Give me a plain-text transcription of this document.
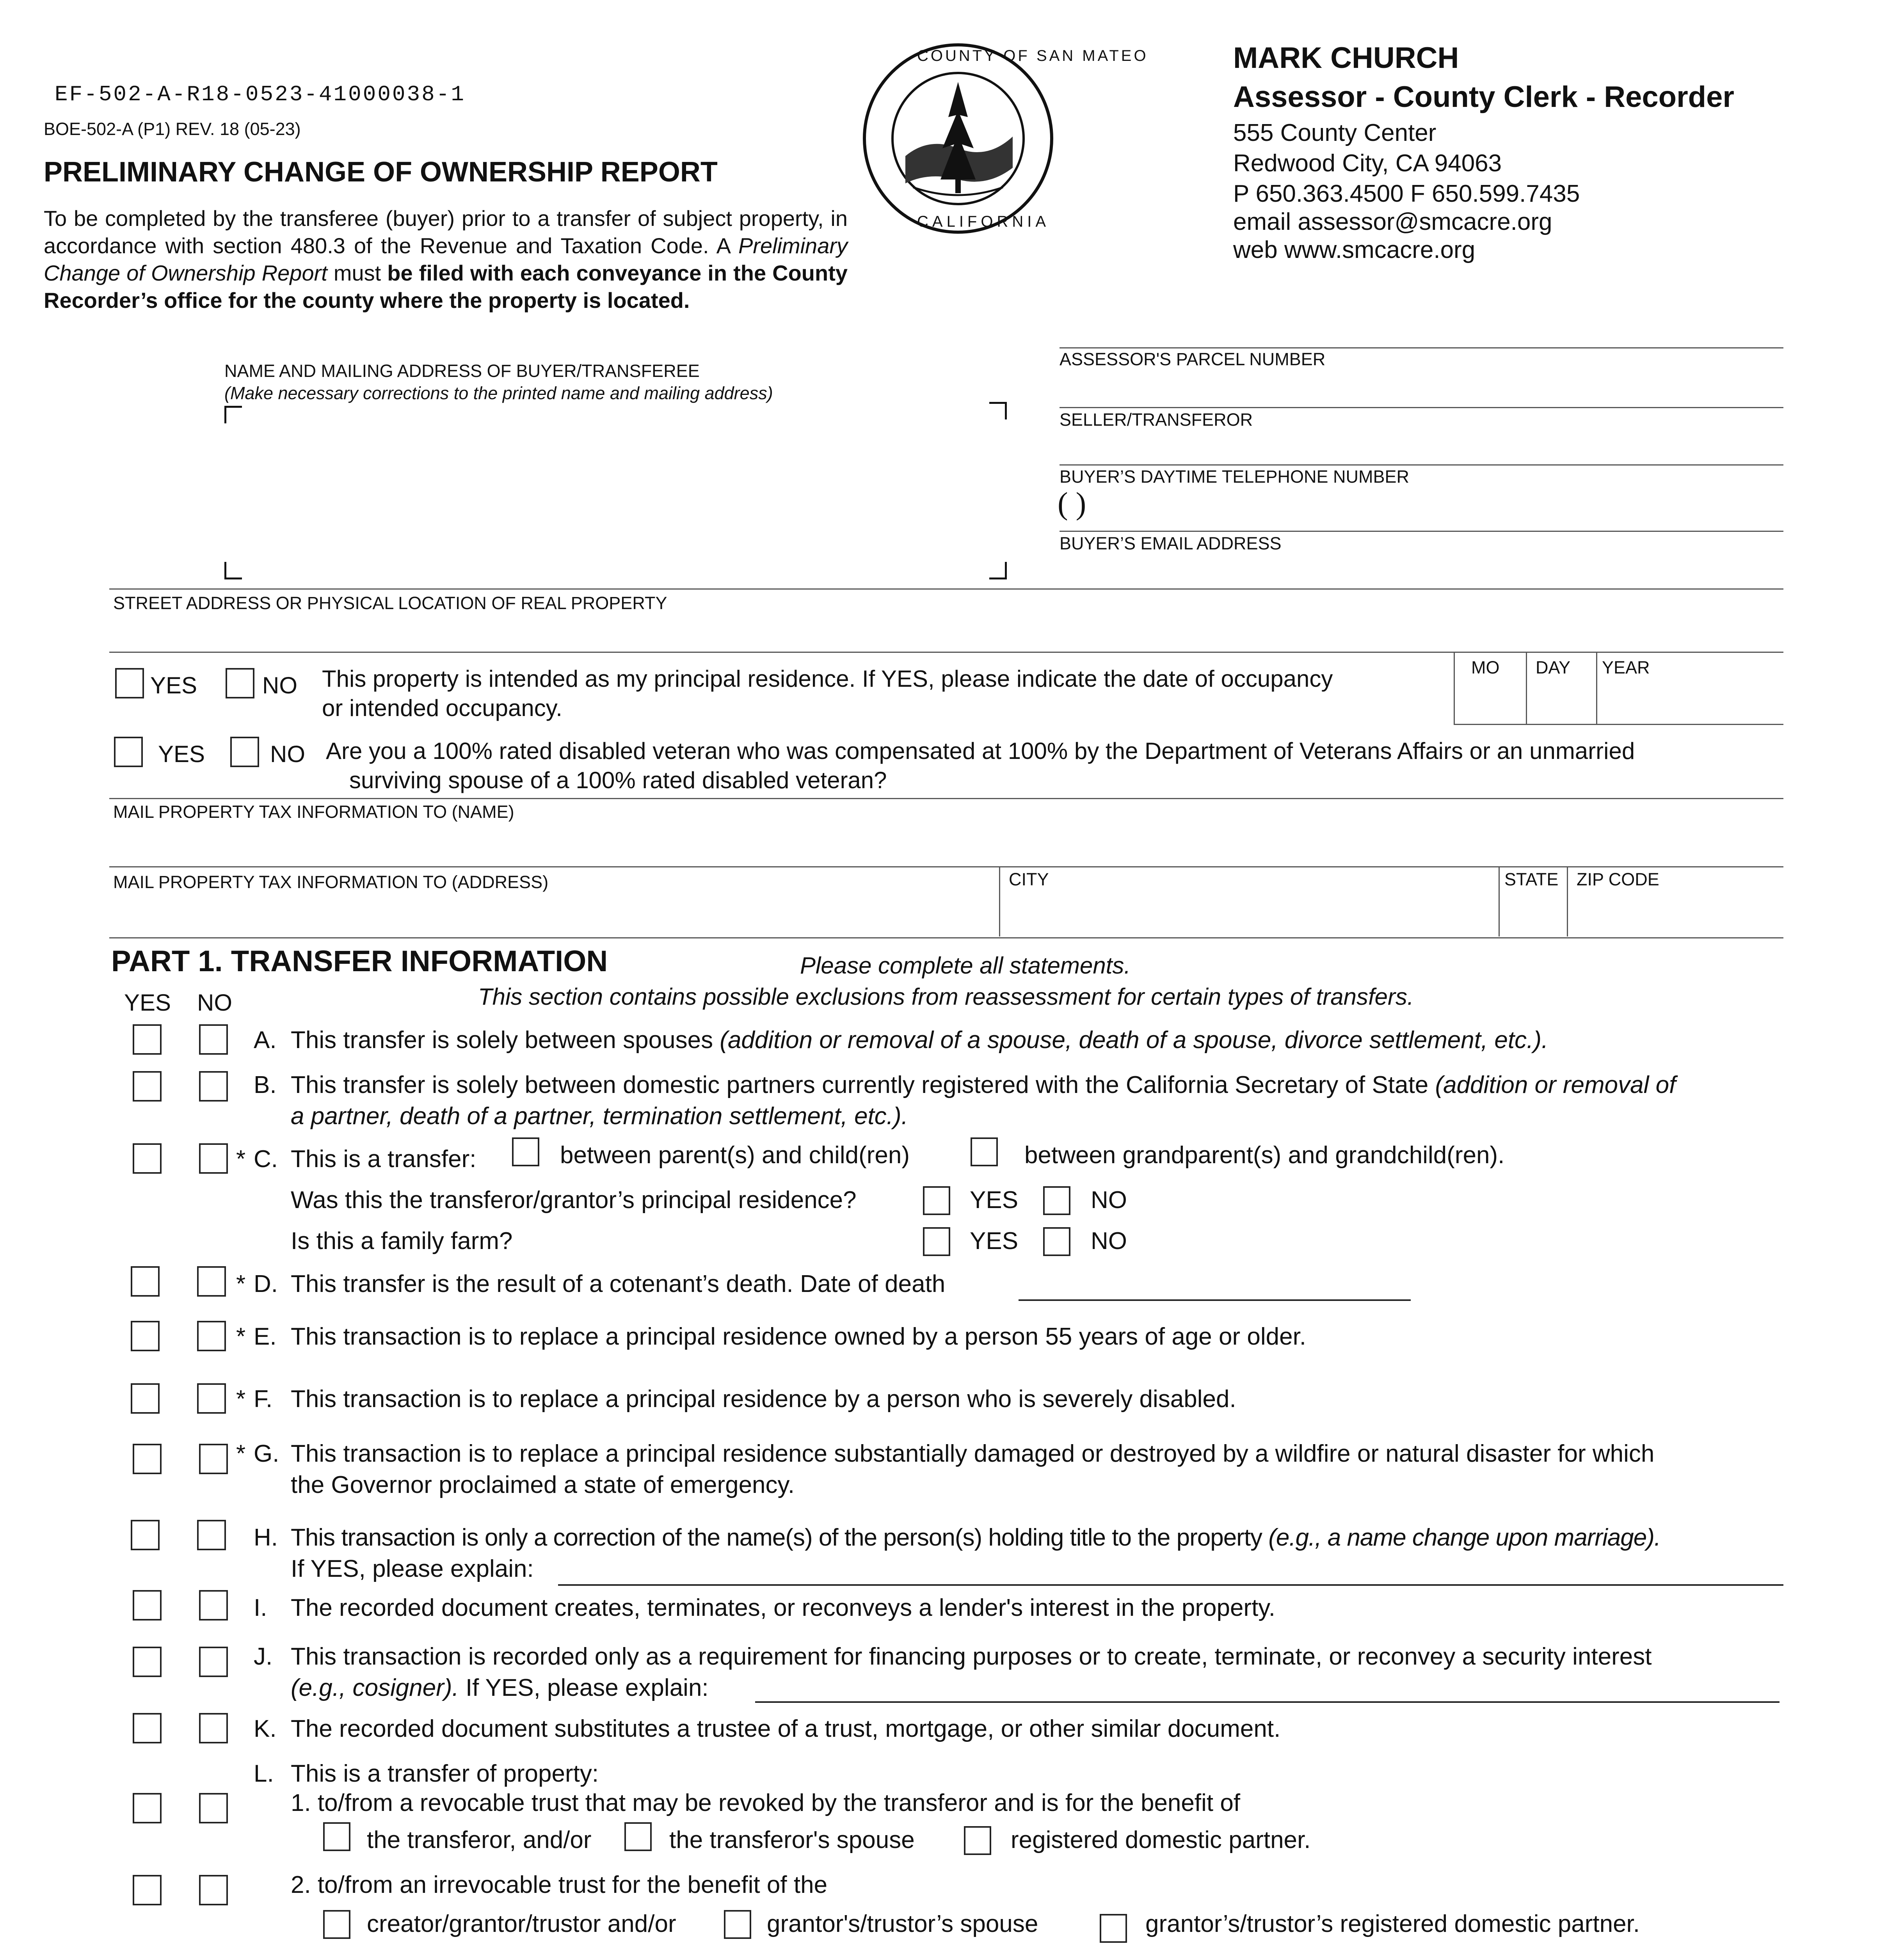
EF-502-A-R18-0523-41000038-1
BOE-502-A (P1) REV. 18 (05-23)
PRELIMINARY CHANGE OF OWNERSHIP REPORT
To be completed by the transferee (buyer) prior to a transfer of subject property, in accordance with section 480.3 of the Revenue and Taxation Code. A Preliminary Change of Ownership Report must be filed with each conveyance in the County Recorder’s office for the county where the property is located.
COUNTY OF SAN MATEO
CALIFORNIA
MARK CHURCH
Assessor - County Clerk - Recorder
555 County Center
Redwood City, CA 94063
P 650.363.4500 F 650.599.7435
email assessor@smcacre.org
web www.smcacre.org
NAME AND MAILING ADDRESS OF BUYER/TRANSFEREE
(Make necessary corrections to the printed name and mailing address)
ASSESSOR'S PARCEL NUMBER
SELLER/TRANSFEROR
BUYER’S DAYTIME TELEPHONE NUMBER
( )
BUYER’S EMAIL ADDRESS
STREET ADDRESS OR PHYSICAL LOCATION OF REAL PROPERTY
YES	NO This property is intended as my principal residence. If YES, please indicate the date of occupancy
or intended occupancy.
MO DAY YEAR
YES	NO Are you a 100% rated disabled veteran who was compensated at 100% by the Department of Veterans Affairs or an unmarried
surviving spouse of a 100% rated disabled veteran?
MAIL PROPERTY TAX INFORMATION TO (NAME)
MAIL PROPERTY TAX INFORMATION TO (ADDRESS)	CITY	STATE ZIP CODE
PART 1. TRANSFER INFORMATION	Please complete all statements.
This section contains possible exclusions from reassessment for certain types of transfers.
YES NO
A. This transfer is solely between spouses (addition or removal of a spouse, death of a spouse, divorce settlement, etc.).
B. This transfer is solely between domestic partners currently registered with the California Secretary of State (addition or removal of
a partner, death of a partner, termination settlement, etc.).
* C. This is a transfer:	between parent(s) and child(ren)	between grandparent(s) and grandchild(ren).
Was this the transferor/grantor’s principal residence?	YES	NO
Is this a family farm?	YES	NO
* D. This transfer is the result of a cotenant’s death. Date of death
* E. This transaction is to replace a principal residence owned by a person 55 years of age or older.
* F. This transaction is to replace a principal residence by a person who is severely disabled.
* G. This transaction is to replace a principal residence substantially damaged or destroyed by a wildfire or natural disaster for which
the Governor proclaimed a state of emergency.
H. This transaction is only a correction of the name(s) of the person(s) holding title to the property (e.g., a name change upon marriage).
If YES, please explain:
I. The recorded document creates, terminates, or reconveys a lender's interest in the property.
J. This transaction is recorded only as a requirement for financing purposes or to create, terminate, or reconvey a security interest
(e.g., cosigner). If YES, please explain:
K. The recorded document substitutes a trustee of a trust, mortgage, or other similar document.
L. This is a transfer of property:
1. to/from a revocable trust that may be revoked by the transferor and is for the benefit of
the transferor, and/or	the transferor's spouse	registered domestic partner.
2. to/from an irrevocable trust for the benefit of the
creator/grantor/trustor and/or	grantor's/trustor’s spouse	grantor’s/trustor’s registered domestic partner.
